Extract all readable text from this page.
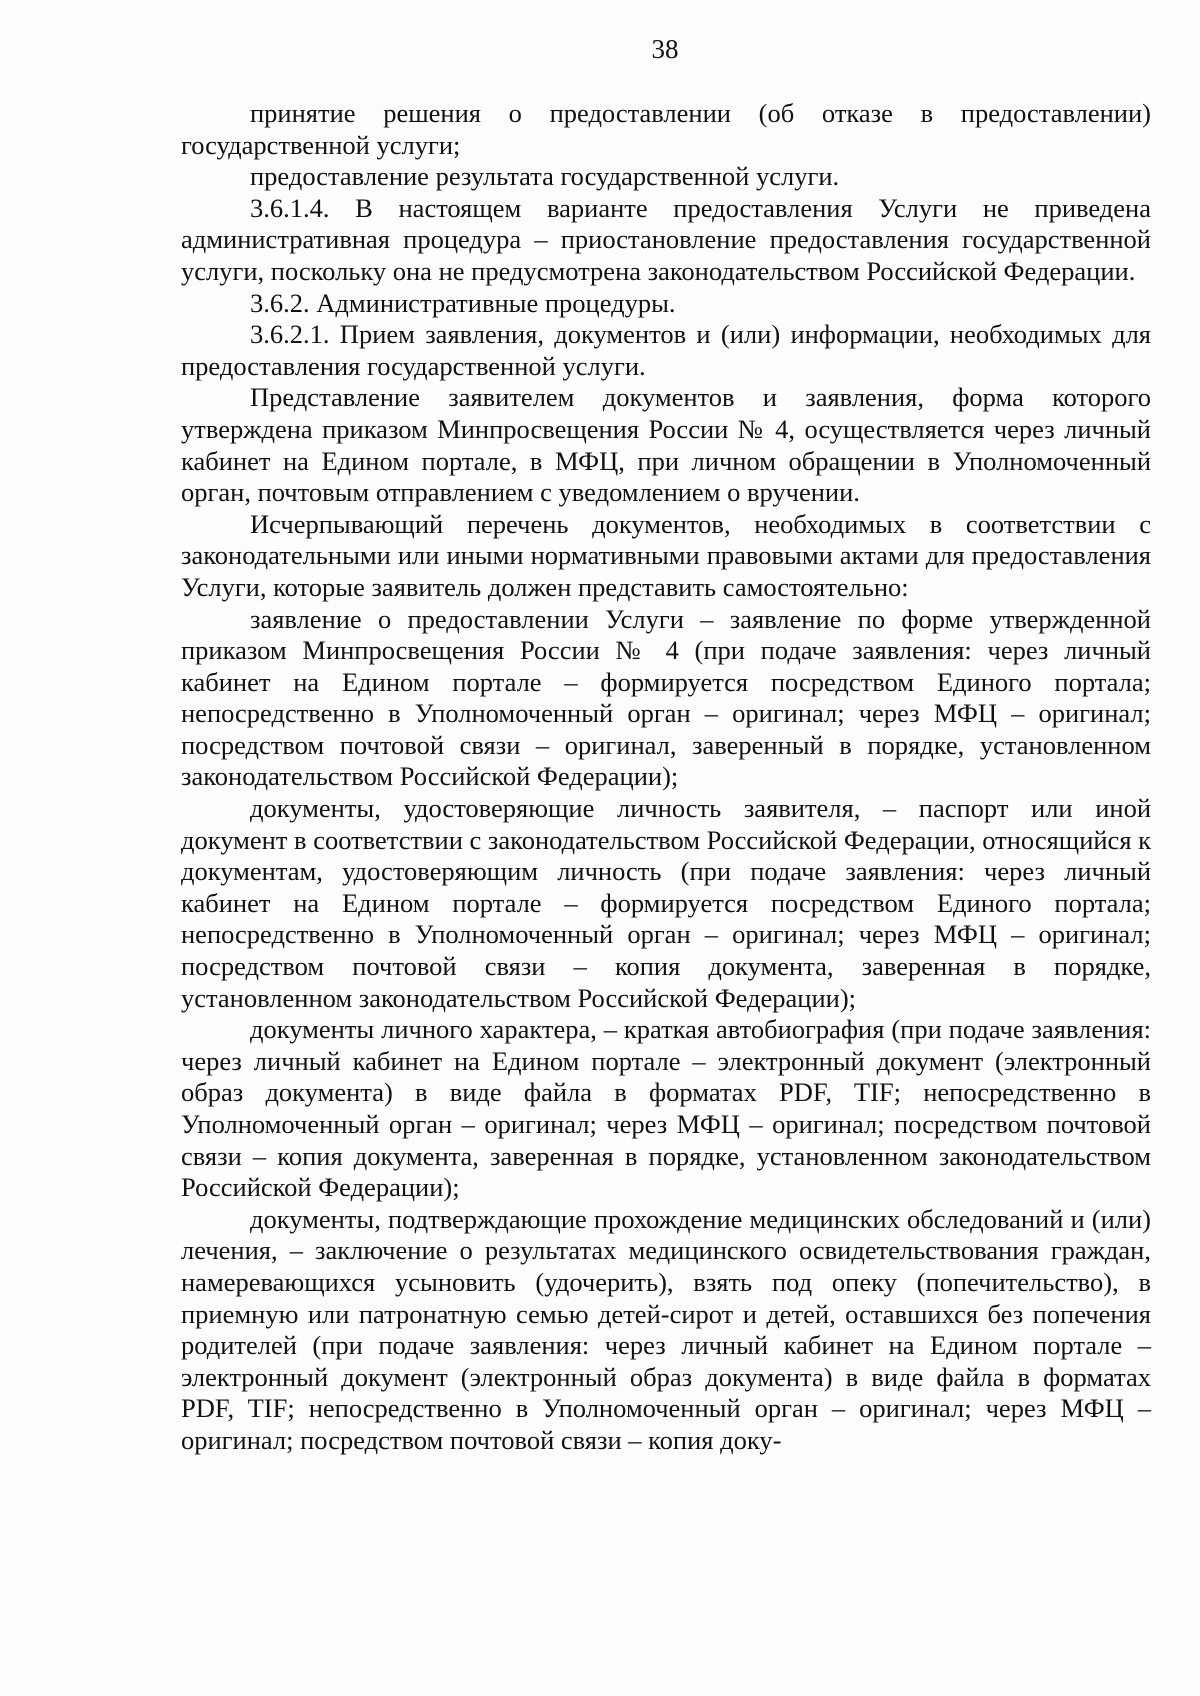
38

принятие решения о предоставлении (об отказе в предоставлении) государственной услуги;

предоставление результата государственной услуги.

3.6.1.4. В настоящем варианте предоставления Услуги не приведена административная процедура – приостановление предоставления государственной услуги, поскольку она не предусмотрена законодательством Российской Федерации.

3.6.2. Административные процедуры.

3.6.2.1. Прием заявления, документов и (или) информации, необходимых для предоставления государственной услуги.

Представление заявителем документов и заявления, форма которого утверждена приказом Минпросвещения России № 4, осуществляется через личный кабинет на Едином портале, в МФЦ, при личном обращении в Уполномоченный орган, почтовым отправлением с уведомлением о вручении.

Исчерпывающий перечень документов, необходимых в соответствии с законодательными или иными нормативными правовыми актами для предоставления Услуги, которые заявитель должен представить самостоятельно:

заявление о предоставлении Услуги – заявление по форме утвержденной приказом Минпросвещения России № 4 (при подаче заявления: через личный кабинет на Едином портале – формируется посредством Единого портала; непосредственно в Уполномоченный орган – оригинал; через МФЦ – оригинал; посредством почтовой связи – оригинал, заверенный в порядке, установленном законодательством Российской Федерации);

документы, удостоверяющие личность заявителя, – паспорт или иной документ в соответствии с законодательством Российской Федерации, относящийся к документам, удостоверяющим личность (при подаче заявления: через личный кабинет на Едином портале – формируется посредством Единого портала; непосредственно в Уполномоченный орган – оригинал; через МФЦ – оригинал; посредством почтовой связи – копия документа, заверенная в порядке, установленном законодательством Российской Федерации);

документы личного характера, – краткая автобиография (при подаче заявления: через личный кабинет на Едином портале – электронный документ (электронный образ документа) в виде файла в форматах PDF, TIF; непосредственно в Уполномоченный орган – оригинал; через МФЦ – оригинал; посредством почтовой связи – копия документа, заверенная в порядке, установленном законодательством Российской Федерации);

документы, подтверждающие прохождение медицинских обследований и (или) лечения, – заключение о результатах медицинского освидетельствования граждан, намеревающихся усыновить (удочерить), взять под опеку (попечительство), в приемную или патронатную семью детей-сирот и детей, оставшихся без попечения родителей (при подаче заявления: через личный кабинет на Едином портале – электронный документ (электронный образ документа) в виде файла в форматах PDF, TIF; непосредственно в Уполномоченный орган – оригинал; через МФЦ – оригинал; посредством почтовой связи – копия доку-
